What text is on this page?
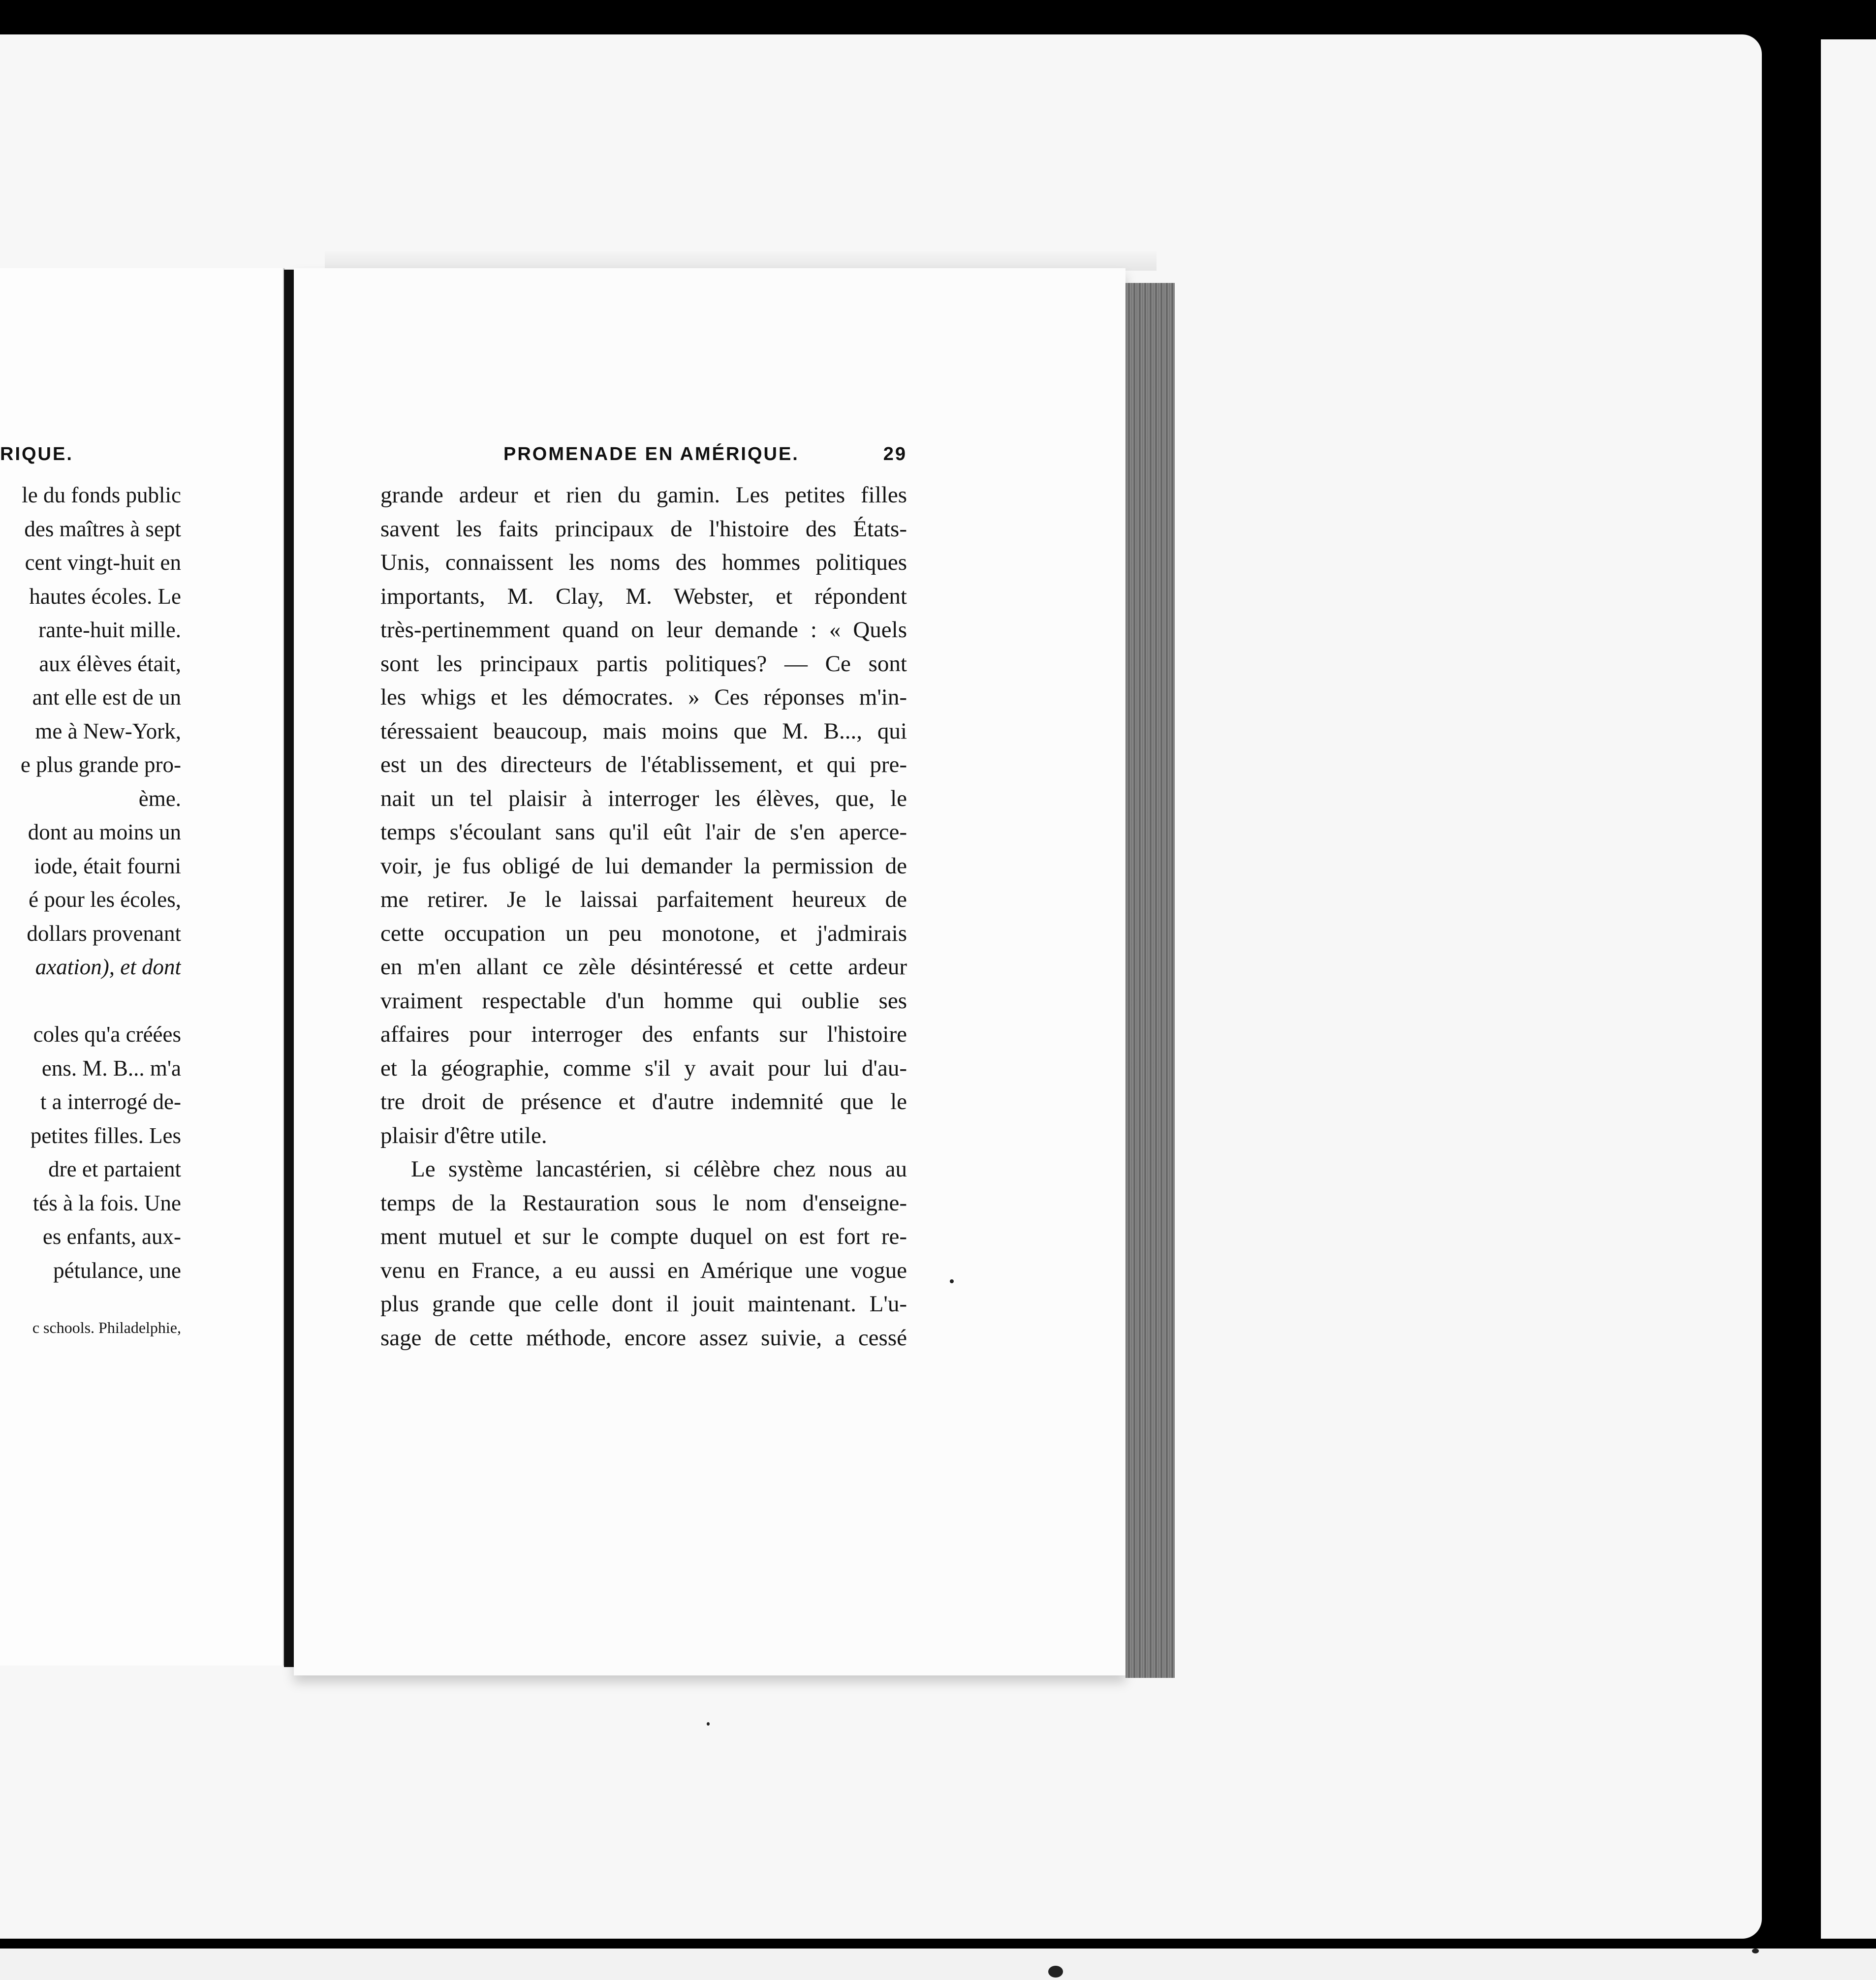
RIQUE.
le du fonds public
des maîtres à sept
cent vingt-huit en
hautes écoles. Le
rante-huit mille.
aux élèves était,
ant elle est de un
me à New-York,
e plus grande pro-
ème.
dont au moins un
iode, était fourni
é pour les écoles,
dollars provenant
axation), et dont
coles qu'a créées
ens. M. B... m'a
t a interrogé de-
petites filles. Les
dre et partaient
tés à la fois. Une
es enfants, aux-
pétulance, une
c schools. Philadelphie,
PROMENADE EN AMÉRIQUE.	29
grande ardeur et rien du gamin. Les petites filles
savent les faits principaux de l'histoire des États-
Unis, connaissent les noms des hommes politiques
importants, M. Clay, M. Webster, et répondent
très-pertinemment quand on leur demande : « Quels
sont les principaux partis politiques? — Ce sont
les whigs et les démocrates. » Ces réponses m'in-
téressaient beaucoup, mais moins que M. B..., qui
est un des directeurs de l'établissement, et qui pre-
nait un tel plaisir à interroger les élèves, que, le
temps s'écoulant sans qu'il eût l'air de s'en aperce-
voir, je fus obligé de lui demander la permission de
me retirer. Je le laissai parfaitement heureux de
cette occupation un peu monotone, et j'admirais
en m'en allant ce zèle désintéressé et cette ardeur
vraiment respectable d'un homme qui oublie ses
affaires pour interroger des enfants sur l'histoire
et la géographie, comme s'il y avait pour lui d'au-
tre droit de présence et d'autre indemnité que le
plaisir d'être utile.
Le système lancastérien, si célèbre chez nous au
temps de la Restauration sous le nom d'enseigne-
ment mutuel et sur le compte duquel on est fort re-
venu en France, a eu aussi en Amérique une vogue
plus grande que celle dont il jouit maintenant. L'u-
sage de cette méthode, encore assez suivie, a cessé
